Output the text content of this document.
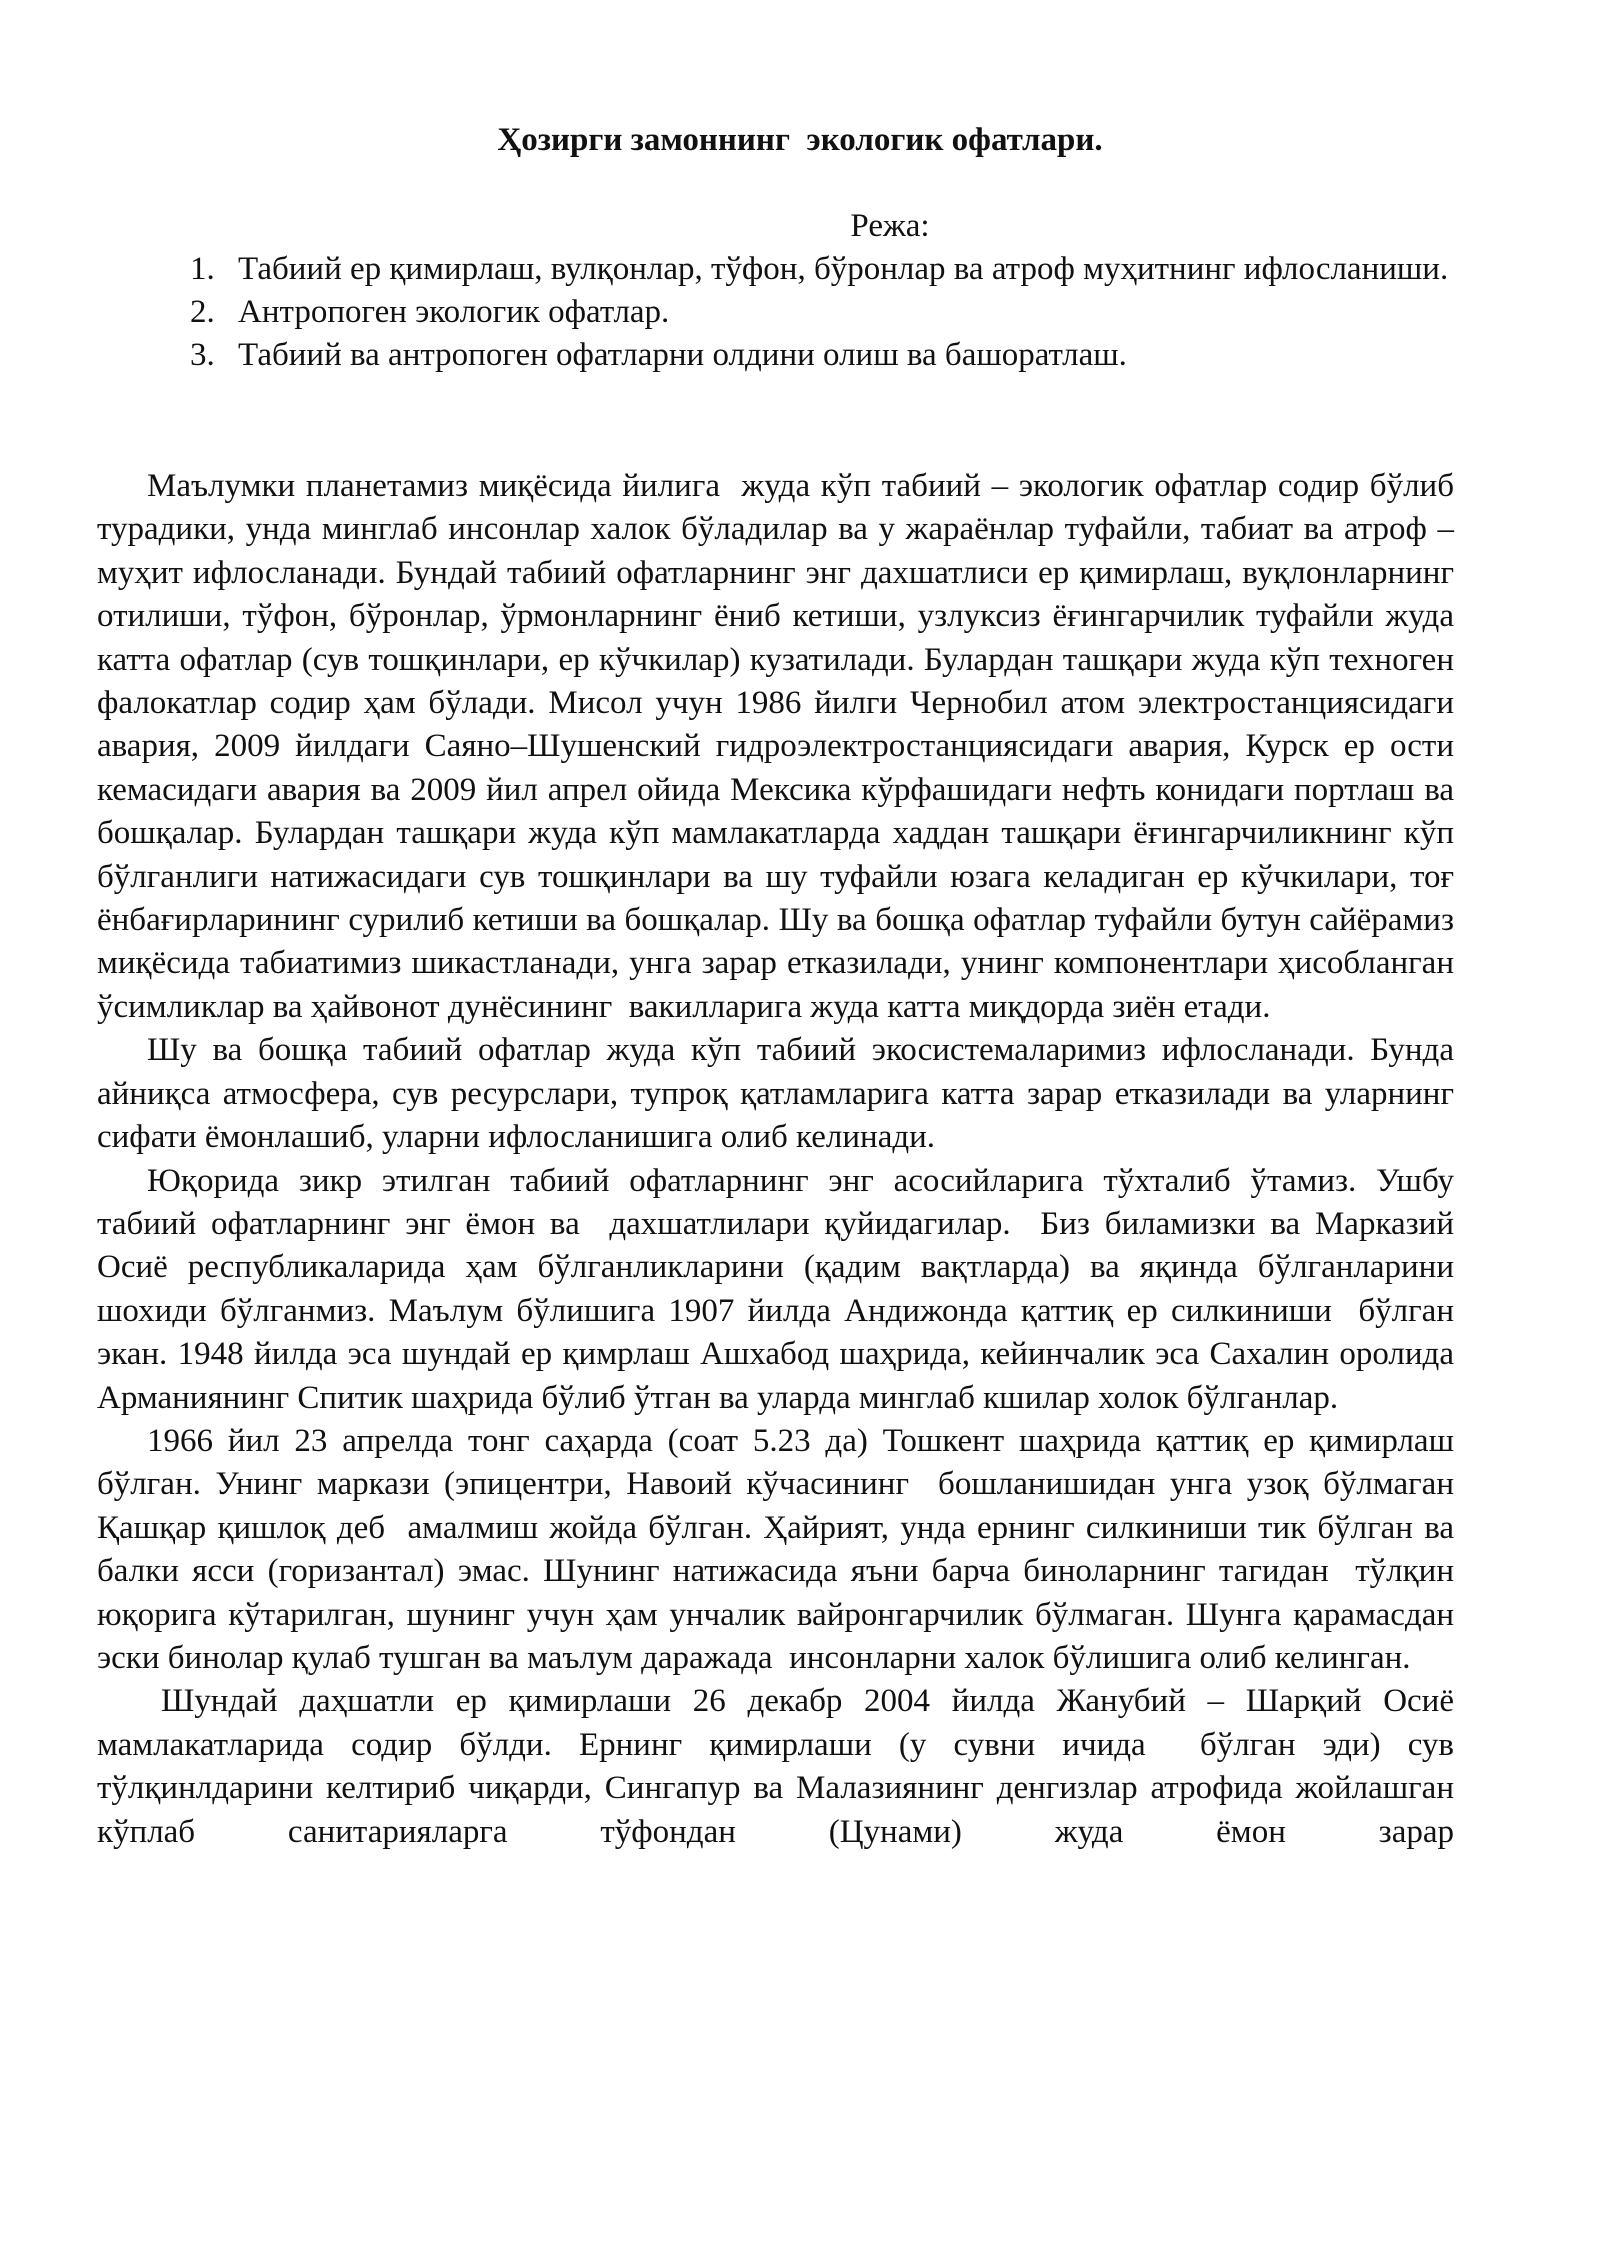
Ҳозирги замоннинг  экологик офатлари.
Режа:
1. Табиий ер қимирлаш, вулқонлар, тўфон, бўронлар ва атроф муҳитнинг ифлосланиши.
2. Антропоген экологик офатлар.
3. Табиий ва антропоген офатларни олдини олиш ва башоратлаш.

Маълумки планетамиз миқёсида йилига  жуда кўп табиий – экологик офатлар содир бўлиб турадики, унда минглаб инсонлар халок бўладилар ва у жараёнлар туфайли, табиат ва атроф – муҳит ифлосланади. Бундай табиий офатларнинг энг дахшатлиси ер қимирлаш, вуқлонларнинг отилиши, тўфон, бўронлар, ўрмонларнинг ёниб кетиши, узлуксиз ёғингарчилик туфайли жуда катта офатлар (сув тошқинлари, ер кўчкилар) кузатилади. Булардан ташқари жуда кўп техноген фалокатлар содир ҳам бўлади. Мисол учун 1986 йилги Чернобил атом электростанциясидаги авария, 2009 йилдаги Саяно–Шушенский гидроэлектростанциясидаги авария, Курск ер ости кемасидаги авария ва 2009 йил апрел ойида Мексика кўрфашидаги нефть конидаги портлаш ва бошқалар. Булардан ташқари жуда кўп мамлакатларда хаддан ташқари ёғингарчиликнинг кўп бўлганлиги натижасидаги сув тошқинлари ва шу туфайли юзага келадиган ер кўчкилари, тоғ ёнбағирларининг сурилиб кетиши ва бошқалар. Шу ва бошқа офатлар туфайли бутун сайёрамиз миқёсида табиатимиз шикастланади, унга зарар етказилади, унинг компонентлари ҳисобланган ўсимликлар ва ҳайвонот дунёсининг  вакилларига жуда катта миқдорда зиён етади.

Шу ва бошқа табиий офатлар жуда кўп табиий экосистемаларимиз ифлосланади. Бунда айниқса атмосфера, сув ресурслари, тупроқ қатламларига катта зарар етказилади ва уларнинг сифати ёмонлашиб, уларни ифлосланишига олиб келинади.

Юқорида зикр этилган табиий офатларнинг энг асосийларига тўхталиб ўтамиз. Ушбу табиий офатларнинг энг ёмон ва  дахшатлилари қуйидагилар.  Биз биламизки ва Марказий Осиё республикаларида ҳам бўлганликларини (қадим вақтларда) ва яқинда бўлганларини шохиди бўлганмиз. Маълум бўлишига 1907 йилда Андижонда қаттиқ ер силкиниши  бўлган экан. 1948 йилда эса шундай ер қимрлаш Ашхабод шаҳрида, кейинчалик эса Сахалин оролида Арманиянинг Спитик шаҳрида бўлиб ўтган ва уларда минглаб кшилар холок бўлганлар.

1966 йил 23 апрелда тонг саҳарда (соат 5.23 да) Тошкент шаҳрида қаттиқ ер қимирлаш бўлган. Унинг маркази (эпицентри, Навоий кўчасининг  бошланишидан унга узоқ бўлмаган Қашқар қишлоқ деб  амалмиш жойда бўлган. Ҳайрият, унда ернинг силкиниши тик бўлган ва балки ясси (горизантал) эмас. Шунинг натижасида яъни барча биноларнинг тагидан  тўлқин юқорига кўтарилган, шунинг учун ҳам унчалик вайронгарчилик бўлмаган. Шунга қарамасдан эски бинолар қулаб тушган ва маълум даражада  инсонларни халок бўлишига олиб келинган.

Шундай даҳшатли ер қимирлаши 26 декабр 2004 йилда Жанубий – Шарқий Осиё  мамлакатларида содир бўлди. Ернинг қимирлаши (у сувни ичида  бўлган эди) сув тўлқинлдарини келтириб чиқарди, Сингапур ва Малазиянинг денгизлар атрофида жойлашган кўплаб санитарияларга тўфондан (Цунами) жуда ёмон зарар
